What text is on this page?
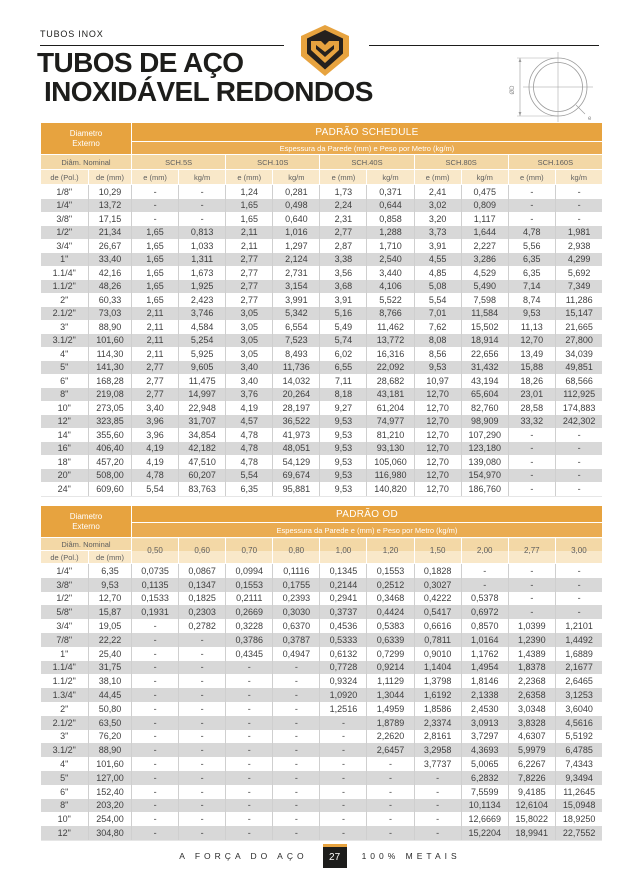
TUBOS INOX
TUBOS DE AÇO
INOXIDÁVEL REDONDOS	ØD
e
Diametro
Externo		PADRÃO SCHEDULE									
		Espessura da Parede (mm) e Peso por Metro (kg/m)									
Diâm. Nominal		SCH.5S		SCH.10S		SCH.40S		SCH.80S		SCH.160S	
de (Pol.)	de (mm)	e (mm)	kg/m	e (mm)	kg/m	e (mm)	kg/m	e (mm)	kg/m	e (mm)	kg/m
1/8"	10,29	-	-	1,24	0,281	1,73	0,371	2,41	0,475	-	-
1/4"	13,72	-	-	1,65	0,498	2,24	0,644	3,02	0,809	-	-
3/8"	17,15	-	-	1,65	0,640	2,31	0,858	3,20	1,117	-	-
1/2"	21,34	1,65	0,813	2,11	1,016	2,77	1,288	3,73	1,644	4,78	1,981
3/4"	26,67	1,65	1,033	2,11	1,297	2,87	1,710	3,91	2,227	5,56	2,938
1"	33,40	1,65	1,311	2,77	2,124	3,38	2,540	4,55	3,286	6,35	4,299
1.1/4"	42,16	1,65	1,673	2,77	2,731	3,56	3,440	4,85	4,529	6,35	5,692
1.1/2"	48,26	1,65	1,925	2,77	3,154	3,68	4,106	5,08	5,490	7,14	7,349
2"	60,33	1,65	2,423	2,77	3,991	3,91	5,522	5,54	7,598	8,74	11,286
2.1/2"	73,03	2,11	3,746	3,05	5,342	5,16	8,766	7,01	11,584	9,53	15,147
3"	88,90	2,11	4,584	3,05	6,554	5,49	11,462	7,62	15,502	11,13	21,665
3.1/2"	101,60	2,11	5,254	3,05	7,523	5,74	13,772	8,08	18,914	12,70	27,800
4"	114,30	2,11	5,925	3,05	8,493	6,02	16,316	8,56	22,656	13,49	34,039
5"	141,30	2,77	9,605	3,40	11,736	6,55	22,092	9,53	31,432	15,88	49,851
6"	168,28	2,77	11,475	3,40	14,032	7,11	28,682	10,97	43,194	18,26	68,566
8"	219,08	2,77	14,997	3,76	20,264	8,18	43,181	12,70	65,604	23,01	112,925
10"	273,05	3,40	22,948	4,19	28,197	9,27	61,204	12,70	82,760	28,58	174,883
12"	323,85	3,96	31,707	4,57	36,522	9,53	74,977	12,70	98,909	33,32	242,302
14"	355,60	3,96	34,854	4,78	41,973	9,53	81,210	12,70	107,290	-	-
16"	406,40	4,19	42,182	4,78	48,051	9,53	93,130	12,70	123,180	-	-
18"	457,20	4,19	47,510	4,78	54,129	9,53	105,060	12,70	139,080	-	-
20"	508,00	4,78	60,207	5,54	69,674	9,53	116,980	12,70	154,970	-	-
24"	609,60	5,54	83,763	6,35	95,881	9,53	140,820	12,70	186,760	-	-
Diametro
Externo		PADRÃO OD									
		Espessura da Parede e (mm) e Peso por Metro (kg/m)									
Diâm. Nominal		0,50	0,60	0,70	0,80	1,00	1,20	1,50	2,00	2,77	3,00
de (Pol.)	de (mm)										
1/4"	6,35	0,0735	0,0867	0,0994	0,1116	0,1345	0,1553	0,1828	-	-	-
3/8"	9,53	0,1135	0,1347	0,1553	0,1755	0,2144	0,2512	0,3027	-	-	-
1/2"	12,70	0,1533	0,1825	0,2111	0,2393	0,2941	0,3468	0,4222	0,5378	-	-
5/8"	15,87	0,1931	0,2303	0,2669	0,3030	0,3737	0,4424	0,5417	0,6972	-	-
3/4"	19,05	-	0,2782	0,3228	0,6370	0,4536	0,5383	0,6616	0,8570	1,0399	1,2101
7/8"	22,22	-	-	0,3786	0,3787	0,5333	0,6339	0,7811	1,0164	1,2390	1,4492
1"	25,40	-	-	0,4345	0,4947	0,6132	0,7299	0,9010	1,1762	1,4389	1,6889
1.1/4"	31,75	-	-	-	-	0,7728	0,9214	1,1404	1,4954	1,8378	2,1677
1.1/2"	38,10	-	-	-	-	0,9324	1,1129	1,3798	1,8146	2,2368	2,6465
1.3/4"	44,45	-	-	-	-	1,0920	1,3044	1,6192	2,1338	2,6358	3,1253
2"	50,80	-	-	-	-	1,2516	1,4959	1,8586	2,4530	3,0348	3,6040
2.1/2"	63,50	-	-	-	-	-	1,8789	2,3374	3,0913	3,8328	4,5616
3"	76,20	-	-	-	-	-	2,2620	2,8161	3,7297	4,6307	5,5192
3.1/2"	88,90	-	-	-	-	-	2,6457	3,2958	4,3693	5,9979	6,4785
4"	101,60	-	-	-	-	-	-	3,7737	5,0065	6,2267	7,4343
5"	127,00	-	-	-	-	-	-	-	6,2832	7,8226	9,3494
6"	152,40	-	-	-	-	-	-	-	7,5599	9,4185	11,2645
8"	203,20	-	-	-	-	-	-	-	10,1134	12,6104	15,0948
10"	254,00	-	-	-	-	-	-	-	12,6669	15,8022	18,9250
12"	304,80	-	-	-	-	-	-	-	15,2204	18,9941	22,7552
A FORÇA DO AÇO	27	100% METAIS
